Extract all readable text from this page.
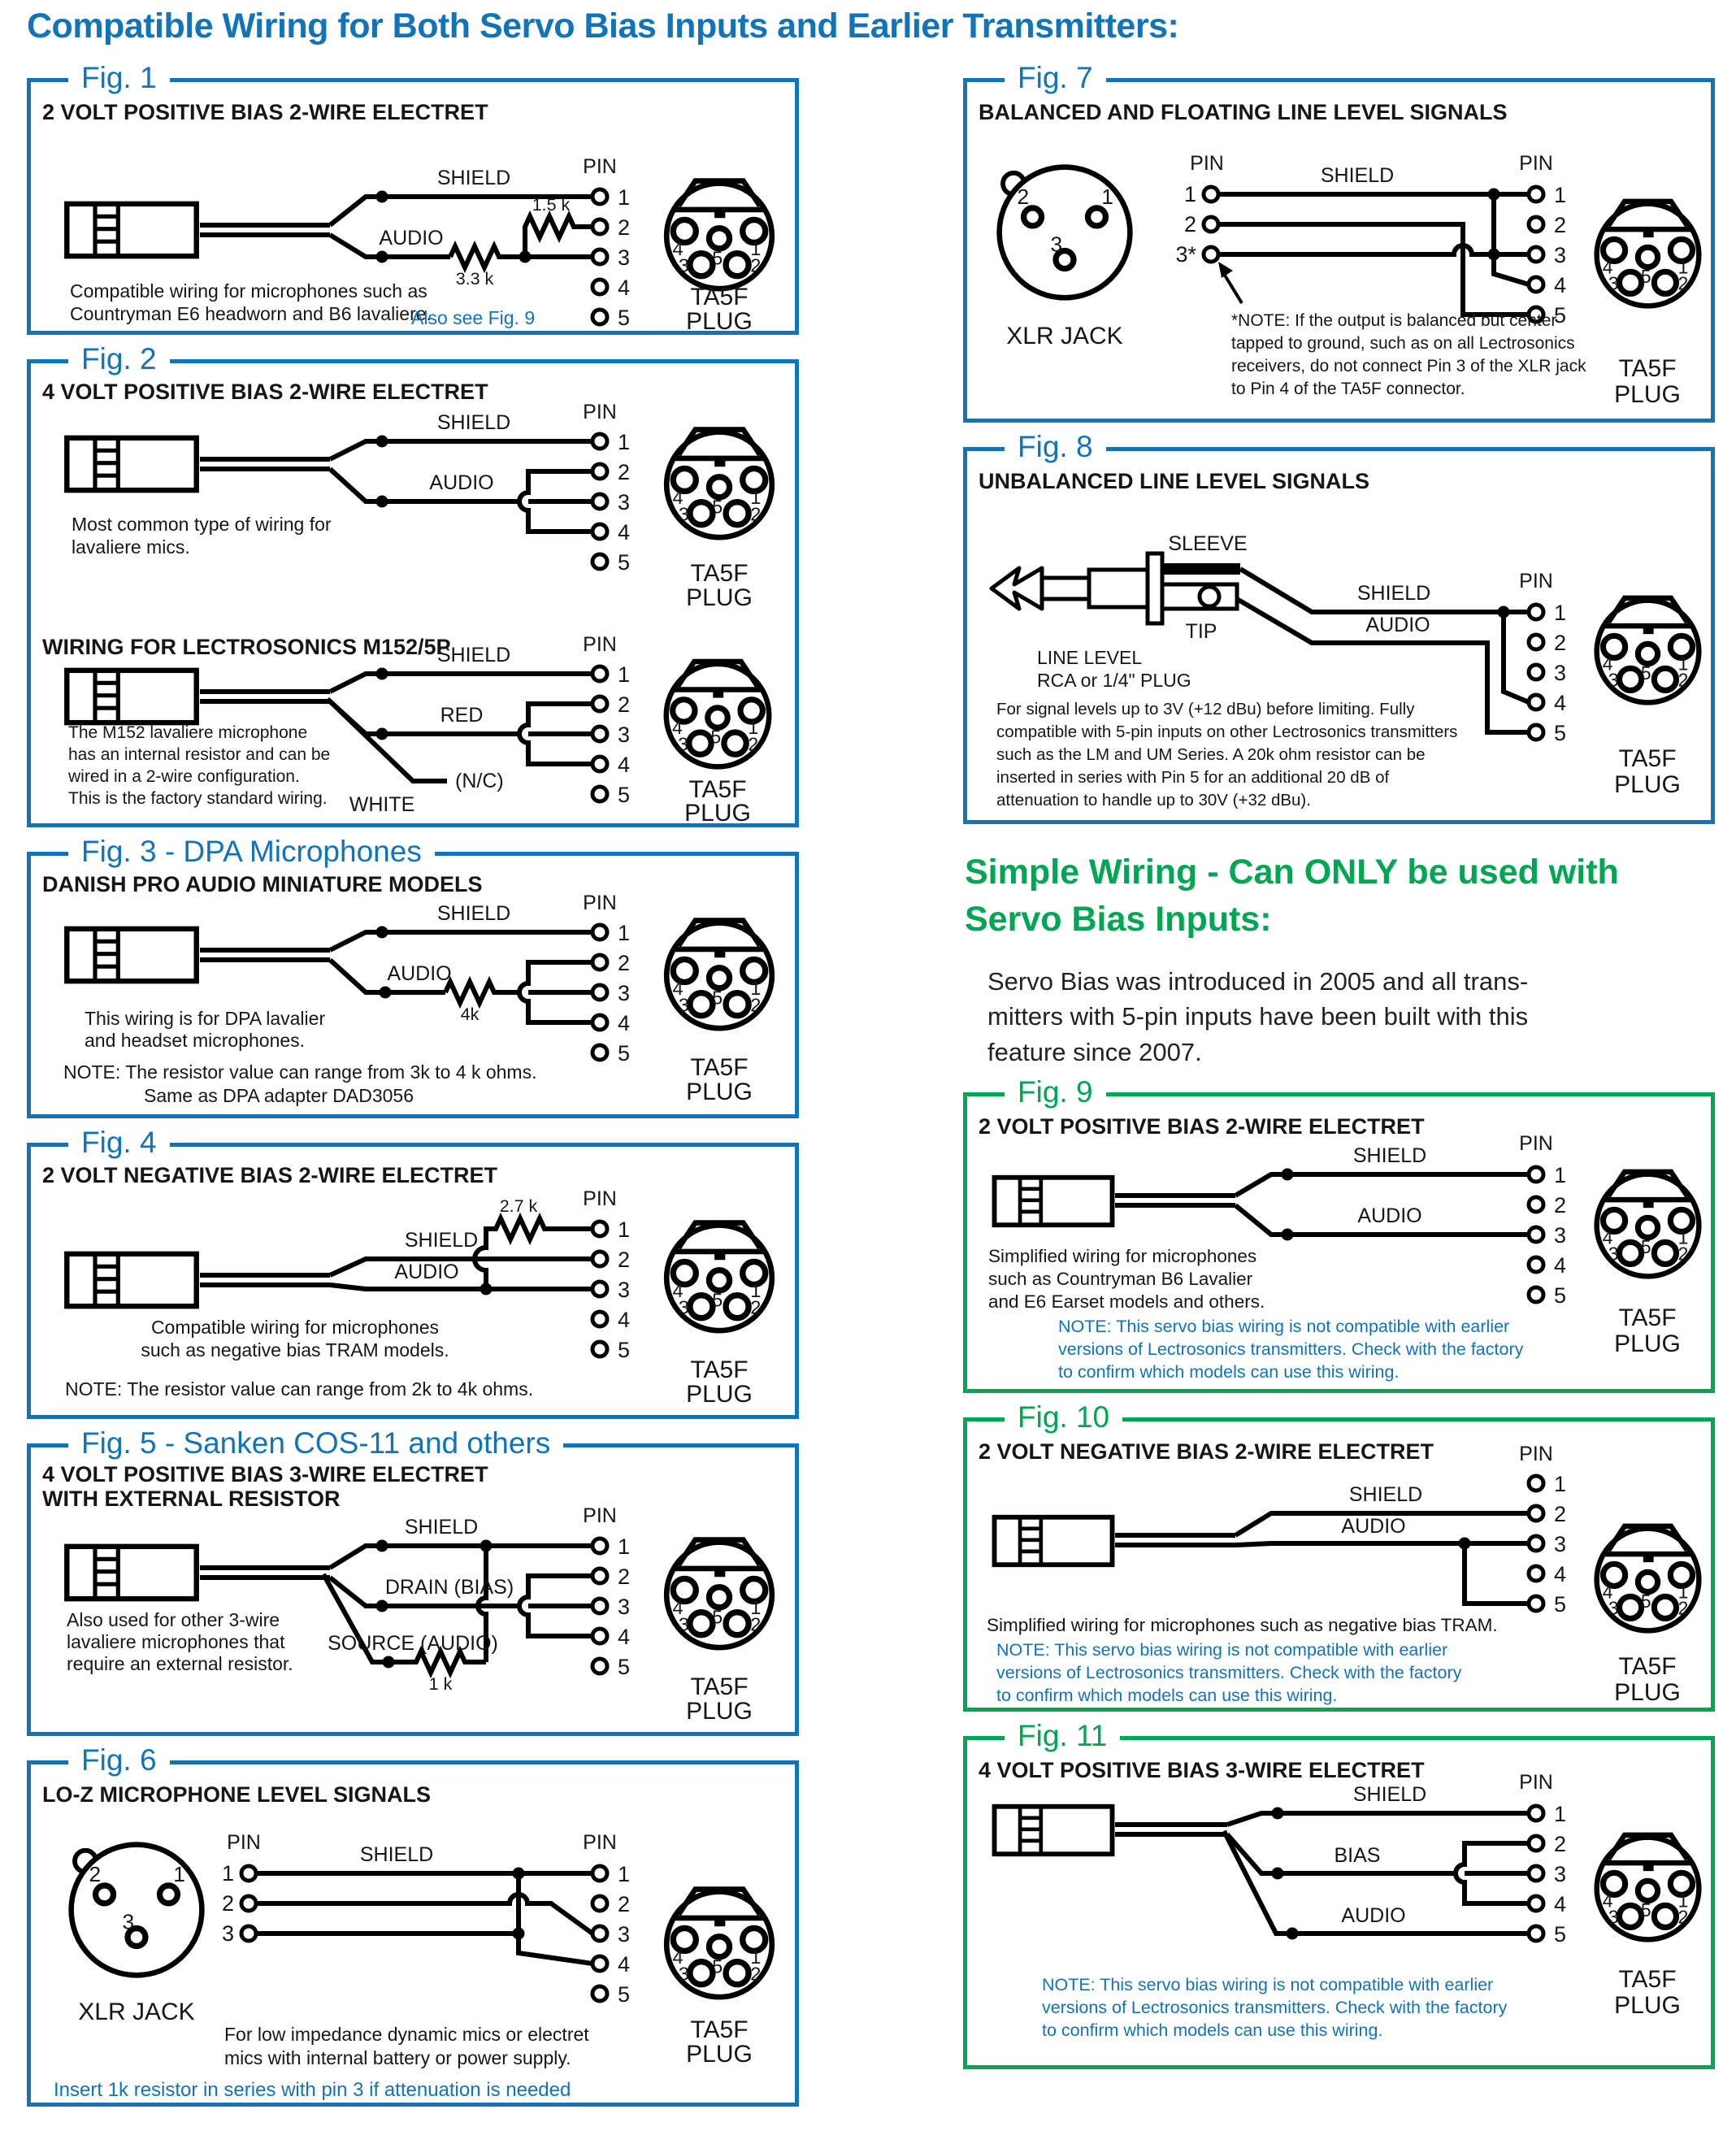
Compatible Wiring for Both Servo Bias Inputs and Earlier Transmitters:
Fig. 1
2 VOLT POSITIVE BIAS 2-WIRE ELECTRET
SHIELD
AUDIO
3.3 k
1.5 k
PIN
1
2
3
4
5
Compatible wiring for microphones such as
Countryman E6 headworn and B6 lavaliere.
Also see Fig. 9
TA5F
PLUG
Fig. 2
4 VOLT POSITIVE BIAS 2-WIRE ELECTRET
SHIELD
AUDIO
PIN
1
2
3
4
5
Most common type of wiring for
lavaliere mics.
TA5F
PLUG
WIRING FOR LECTROSONICS M152/5P
SHIELD
RED
(N/C)
WHITE
PIN
1
2
3
4
5
The M152 lavaliere microphone
has an internal resistor and can be
wired in a 2-wire configuration.
This is the factory standard wiring.	TA5F
PLUG
Fig. 3 - DPA Microphones
DANISH PRO AUDIO MINIATURE MODELS
SHIELD
AUDIO
4k
PIN
1
2
3
4
5
This wiring is for DPA lavalier
and headset microphones.
NOTE: The resistor value can range from 3k to 4 k ohms.
Same as DPA adapter DAD3056
TA5F
PLUG
Fig. 4
2 VOLT NEGATIVE BIAS 2-WIRE ELECTRET
SHIELD
AUDIO
2.7 k PIN
1
2
3
4
5
Compatible wiring for microphones
such as negative bias TRAM models.
NOTE: The resistor value can range from 2k to 4k ohms.
TA5F
PLUG
Fig. 5 - Sanken COS-11 and others
4 VOLT POSITIVE BIAS 3-WIRE ELECTRET
WITH EXTERNAL RESISTOR
SHIELD
DRAIN (BIAS)
SOURCE (AUDIO)
1 k
PIN
1
2
3
4
5
Also used for other 3-wire
lavaliere microphones that
require an external resistor.
TA5F
PLUG
Fig. 6
LO-Z MICROPHONE LEVEL SIGNALS
XLR JACK
PIN
1
2
3
SHIELD
PIN
1
2
3
4
5
For low impedance dynamic mics or electret
mics with internal battery or power supply.
Insert 1k resistor in series with pin 3 if attenuation is needed
TA5F
PLUG
Fig. 7
BALANCED AND FLOATING LINE LEVEL SIGNALS
XLR JACK
PIN
1
2
3*
SHIELD
PIN
1
2
3
4
5
*NOTE: If the output is balanced but center
tapped to ground, such as on all Lectrosonics
receivers, do not connect Pin 3 of the XLR jack
to Pin 4 of the TA5F connector.
TA5F
PLUG
Fig. 8
UNBALANCED LINE LEVEL SIGNALS
SLEEVE
SHIELD
AUDIO
TIP
LINE LEVEL
RCA or 1/4" PLUG
PIN
1
2
3
4
5
For signal levels up to 3V (+12 dBu) before limiting. Fully
compatible with 5-pin inputs on other Lectrosonics transmitters
such as the LM and UM Series. A 20k ohm resistor can be
inserted in series with Pin 5 for an additional 20 dB of
attenuation to handle up to 30V (+32 dBu).
TA5F
PLUG
Simple Wiring - Can ONLY be used with
Servo Bias Inputs:

Servo Bias was introduced in 2005 and all trans-
mitters with 5-pin inputs have been built with this
feature since 2007.

Fig. 9
2 VOLT POSITIVE BIAS 2-WIRE ELECTRET
SHIELD
AUDIO
PIN
1
2
3
4
5
Simplified wiring for microphones
such as Countryman B6 Lavalier
and E6 Earset models and others.
NOTE: This servo bias wiring is not compatible with earlier
versions of Lectrosonics transmitters. Check with the factory
to confirm which models can use this wiring.
TA5F
PLUG
Fig. 10
2 VOLT NEGATIVE BIAS 2-WIRE ELECTRET
SHIELD
AUDIO
PIN
1
2
3
4
5
Simplified wiring for microphones such as negative bias TRAM.
NOTE: This servo bias wiring is not compatible with earlier
versions of Lectrosonics transmitters. Check with the factory
to confirm which models can use this wiring.
TA5F
PLUG
Fig. 11
4 VOLT POSITIVE BIAS 3-WIRE ELECTRET
SHIELD
BIAS
AUDIO
PIN
1
2
3
4
5
NOTE: This servo bias wiring is not compatible with earlier
versions of Lectrosonics transmitters. Check with the factory
to confirm which models can use this wiring.
TA5F
PLUG
